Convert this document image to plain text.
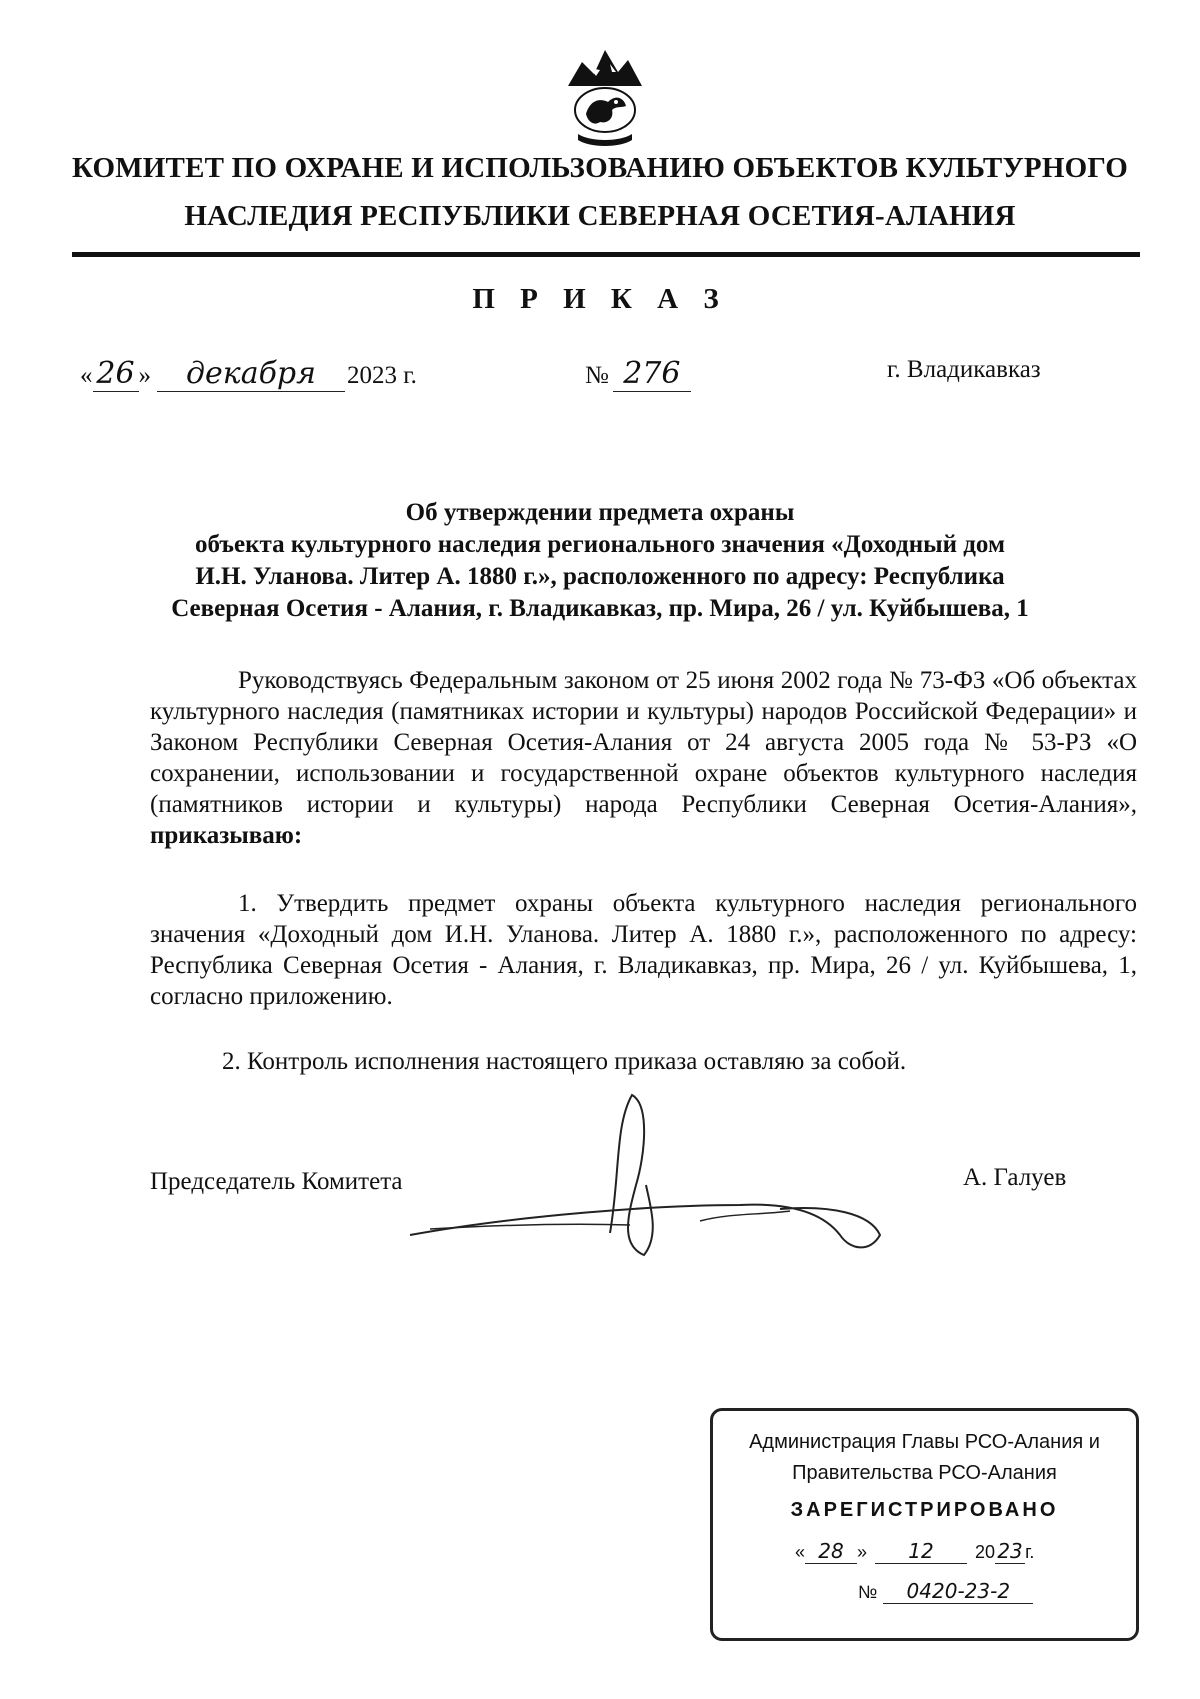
КОМИТЕТ ПО ОХРАНЕ И ИСПОЛЬЗОВАНИЮ ОБЪЕКТОВ КУЛЬТУРНОГО
НАСЛЕДИЯ РЕСПУБЛИКИ СЕВЕРНАЯ ОСЕТИЯ-АЛАНИЯ
П Р И К А З
« 26 » декабря 2023 г.	№ 276	г. Владикавказ
Об утверждении предмета охраны
объекта культурного наследия регионального значения «Доходный дом
И.Н. Уланова. Литер А. 1880 г.», расположенного по адресу: Республика
Северная Осетия - Алания, г. Владикавказ, пр. Мира, 26 / ул. Куйбышева, 1
Руководствуясь Федеральным законом от 25 июня 2002 года № 73-ФЗ «Об объектах культурного наследия (памятниках истории и культуры) народов Российской Федерации» и Законом Республики Северная Осетия-Алания от 24 августа 2005 года № 53-РЗ «О сохранении, использовании и государственной охране объектов культурного наследия (памятников истории и культуры) народа Республики Северная Осетия-Алания», приказываю:
1. Утвердить предмет охраны объекта культурного наследия регионального значения «Доходный дом И.Н. Уланова. Литер А. 1880 г.», расположенного по адресу: Республика Северная Осетия - Алания, г. Владикавказ, пр. Мира, 26 / ул. Куйбышева, 1, согласно приложению.
2. Контроль исполнения настоящего приказа оставляю за собой.
Председатель Комитета	А. Галуев
Администрация Главы РСО-Алания и
Правительства РСО-Алания
ЗАРЕГИСТРИРОВАНО
« 28 » 12 20 23 г.
№ 0420-23-2
